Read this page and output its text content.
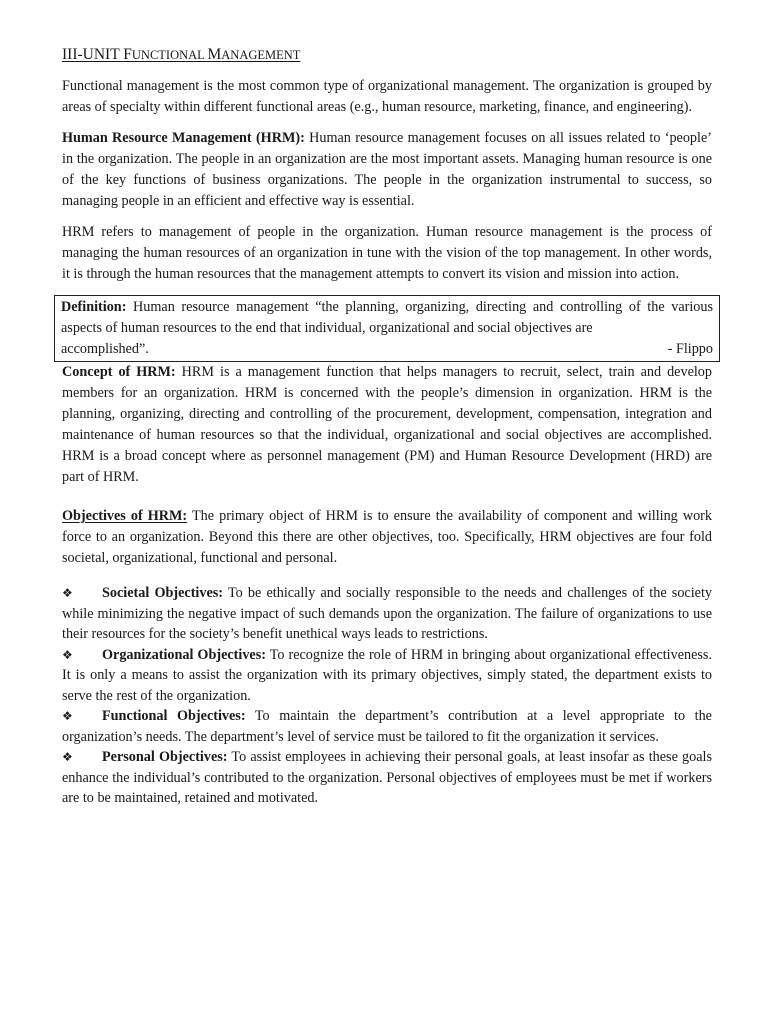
III-UNIT FUNCTIONAL MANAGEMENT

Functional management is the most common type of organizational management. The organization is grouped by areas of specialty within different functional areas (e.g., human resource, marketing, finance, and engineering).

Human Resource Management (HRM): Human resource management focuses on all issues related to ‘people’ in the organization. The people in an organization are the most important assets. Managing human resource is one of the key functions of business organizations. The people in the organization instrumental to success, so managing people in an efficient and effective way is essential.

HRM refers to management of people in the organization. Human resource management is the process of managing the human resources of an organization in tune with the vision of the top management. In other words, it is through the human resources that the management attempts to convert its vision and mission into action.

Definition: Human resource management “the planning, organizing, directing and controlling of the various aspects of human resources to the end that individual, organizational and social objectives are
accomplished”.	- Flippo

Concept of HRM: HRM is a management function that helps managers to recruit, select, train and develop members for an organization. HRM is concerned with the people’s dimension in organization. HRM is the planning, organizing, directing and controlling of the procurement, development, compensation, integration and maintenance of human resources so that the individual, organizational and social objectives are accomplished. HRM is a broad concept where as personnel management (PM) and Human Resource Development (HRD) are part of HRM.

Objectives of HRM: The primary object of HRM is to ensure the availability of component and willing work force to an organization. Beyond this there are other objectives, too. Specifically, HRM objectives are four fold societal, organizational, functional and personal.

❖ Societal Objectives: To be ethically and socially responsible to the needs and challenges of the society while minimizing the negative impact of such demands upon the organization. The failure of organizations to use their resources for the society’s benefit unethical ways leads to restrictions.

❖ Organizational Objectives: To recognize the role of HRM in bringing about organizational effectiveness. It is only a means to assist the organization with its primary objectives, simply stated, the department exists to serve the rest of the organization.

❖ Functional Objectives: To maintain the department’s contribution at a level appropriate to the organization’s needs. The department’s level of service must be tailored to fit the organization it services.

❖ Personal Objectives: To assist employees in achieving their personal goals, at least insofar as these goals enhance the individual’s contributed to the organization. Personal objectives of employees must be met if workers are to be maintained, retained and motivated.
